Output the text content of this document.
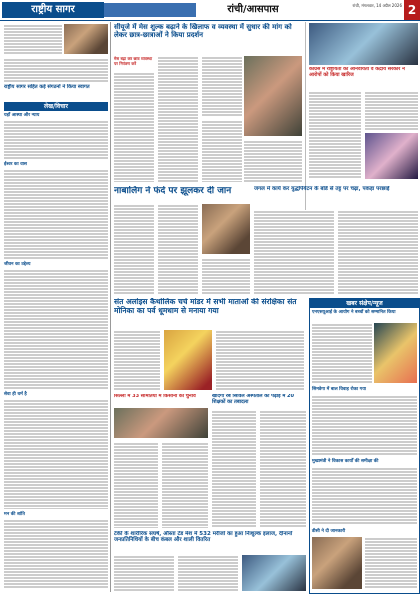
राष्ट्रीय सागर	रांची/आसपास	रांची, मंगलवार, 14 अप्रैल 2026 2
राष्ट्रीय सागर सहित कई संगठनों ने किया स्वागत
लेख/विचार
यहाँ आस्था और न्याय
ईश्वर का वास
जीवन का उद्देश्य
सेवा ही धर्म है
मन की शांति
सीयूजे में मेस शुल्क बढ़ाने के खिलाफ व व्यवस्था में सुधार की मांग को लेकर छात्र-छात्राओं ने किया प्रदर्शन
मेस बढ़ा कर छात्र व्यवस्था पर नियंत्रण करें
कांग्रेस में राष्ट्रीयता की अनिवार्यता व केंद्रीय सरकार ने आरोपों को किया खारिज
नाबालिग ने फंदे पर झूलकर दी जान	जंगल में कार्य कर युद्धपिर्यटन के बोर्ड से तट्ट पर चढ़ा, पकड़ा परछाई
संत अलोइस कैथोलिक चर्च मांडर में सभी माताओं की संरक्षिका संत मोनिका का पर्व धूमधाम से मनाया गया
खबर संक्षेप/न्यूज
एनएसयूआई के आयोग ने बच्चों को सम्मानित किया
सिमडेगा में बाल विवाह रोका गया
मुख्यमंत्री ने विकास कार्यों की समीक्षा की
डीसी ने दी जानकारी
सिल्ली में 33 समितियों में किसानों का चुनाव	खादगा रब सिविल अस्पताल की पढ़ाई में 20 शिक्षकों का तबादला
टेकी के शारीरिक संघर्ष, औस्ता टेंड मेंश में 532 मरीजों का हुआ निःशुल्क इलाज, दीनानों जनप्रतिनिधियों के बीच कंबल और शाली वितरित
